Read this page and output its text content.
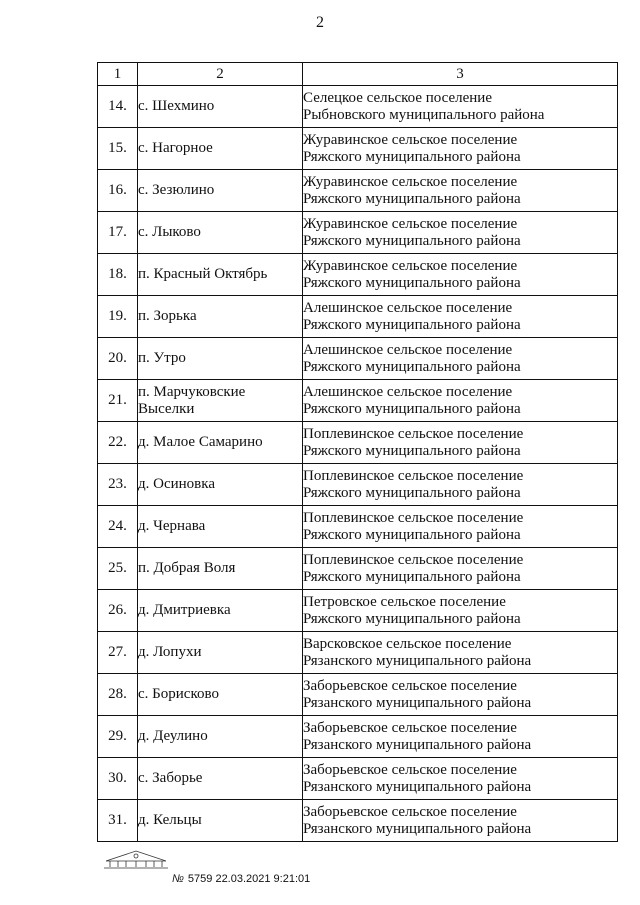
2
1	2	3
14.	с. Шехмино	Селецкое сельское поселение
Рыбновского муниципального района

15.	с. Нагорное	Журавинское сельское поселение
Ряжского муниципального района

16.	с. Зезюлино	Журавинское сельское поселение
Ряжского муниципального района

17.	с. Лыково	Журавинское сельское поселение
Ряжского муниципального района

18.	п. Красный Октябрь	Журавинское сельское поселение
Ряжского муниципального района

19.	п. Зорька	Алешинское сельское поселение
Ряжского муниципального района

20.	п. Утро	Алешинское сельское поселение
Ряжского муниципального района

21.	п. Марчуковские Выселки	Алешинское сельское поселение
Ряжского муниципального района

22.	д. Малое Самарино	Поплевинское сельское поселение
Ряжского муниципального района

23.	д. Осиновка	Поплевинское сельское поселение
Ряжского муниципального района

24.	д. Чернава	Поплевинское сельское поселение
Ряжского муниципального района

25.	п. Добрая Воля	Поплевинское сельское поселение
Ряжского муниципального района

26.	д. Дмитриевка	Петровское сельское поселение
Ряжского муниципального района

27.	д. Лопухи	Варсковское сельское поселение
Рязанского муниципального района

28.	с. Борисково	Заборьевское сельское поселение
Рязанского муниципального района

29.	д. Деулино	Заборьевское сельское поселение
Рязанского муниципального района

30.	с. Заборье	Заборьевское сельское поселение
Рязанского муниципального района

31.	д. Кельцы	Заборьевское сельское поселение
Рязанского муниципального района
№ 5759 22.03.2021 9:21:01
